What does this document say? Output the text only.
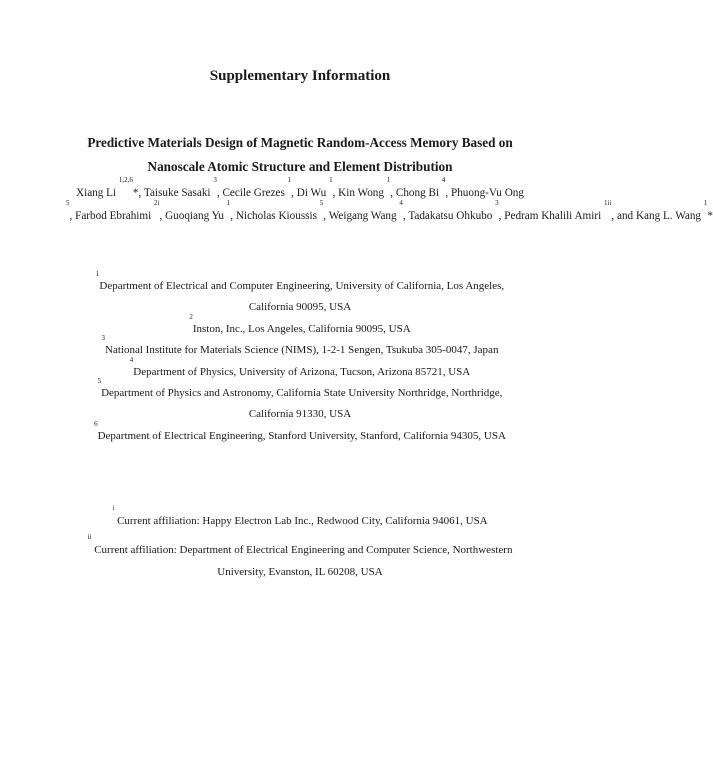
Supplementary Information
Predictive Materials Design of Magnetic Random-Access Memory Based on
Nanoscale Atomic Structure and Element Distribution
Xiang Li $^{1,2,6}$*, Taisuke Sasaki $^3$, Cecile Grezes $^1$, Di Wu $^1$, Kin Wong $^1$, Chong Bi $^4$, Phuong-Vu Ong
$^5$, Farbod Ebrahimi $^{2i}$, Guoqiang Yu $^1$, Nicholas Kioussis $^5$, Weigang Wang $^4$, Tadakatsu Ohkubo $^3$, Pedram Khalili Amiri $^{1ii}$, and Kang L. Wang $^1$*
$^1$Department of Electrical and Computer Engineering, University of California, Los Angeles,
California 90095, USA
$^2$Inston, Inc., Los Angeles, California 90095, USA
$^3$National Institute for Materials Science (NIMS), 1-2-1 Sengen, Tsukuba 305-0047, Japan
$^4$Department of Physics, University of Arizona, Tucson, Arizona 85721, USA
$^5$Department of Physics and Astronomy, California State University Northridge, Northridge,
California 91330, USA
$^6$Department of Electrical Engineering, Stanford University, Stanford, California 94305, USA
$^i$ Current affiliation: Happy Electron Lab Inc., Redwood City, California 94061, USA
$^{ii}$ Current affiliation: Department of Electrical Engineering and Computer Science, Northwestern
University, Evanston, IL 60208, USA
